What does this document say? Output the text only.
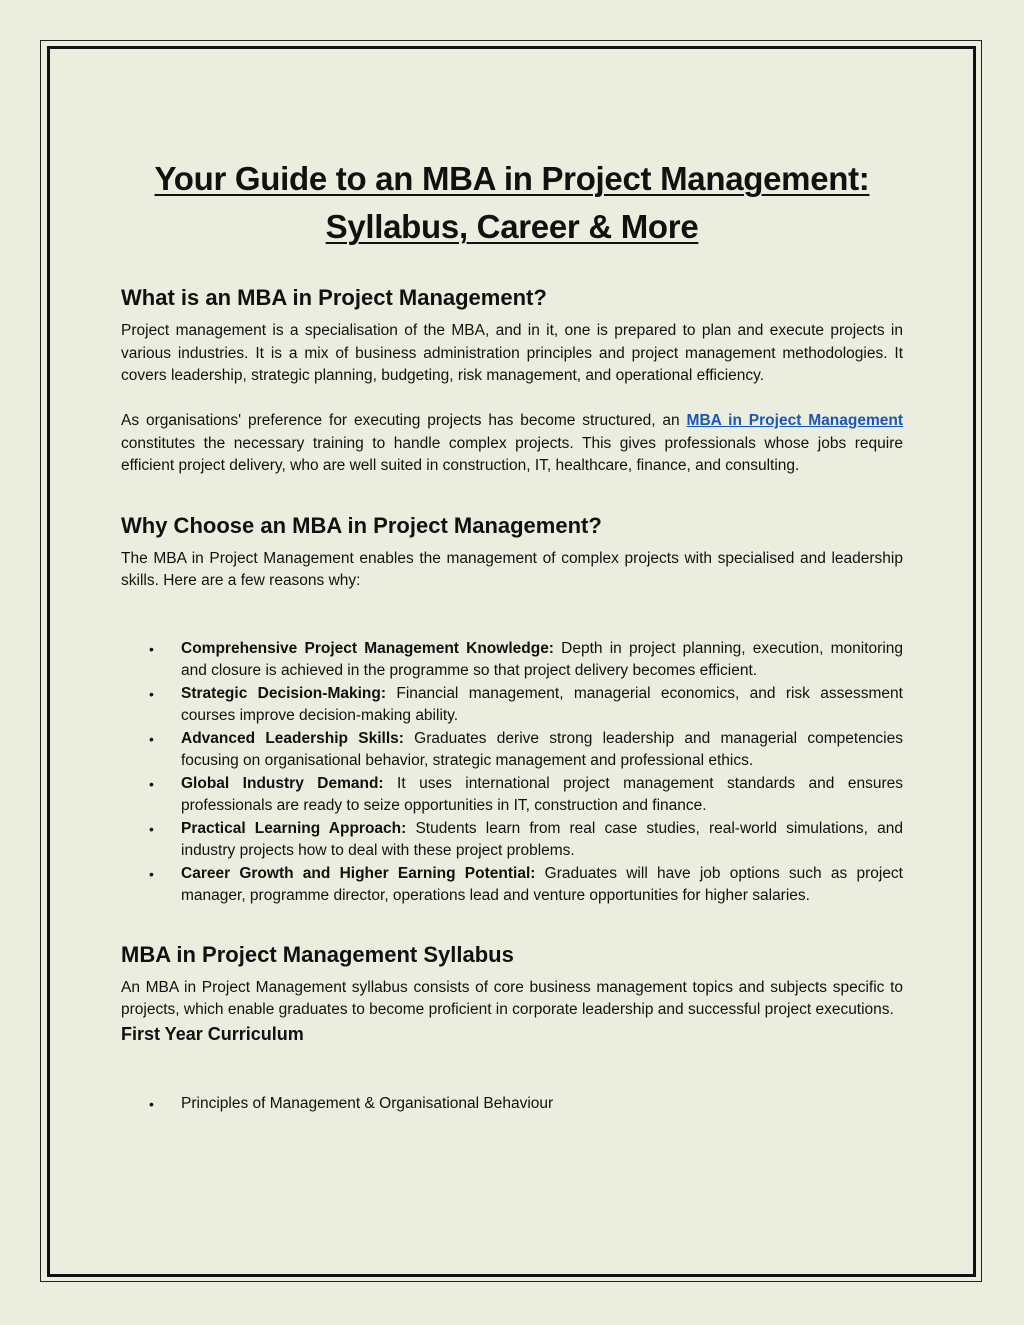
Your Guide to an MBA in Project Management:
Syllabus, Career & More
What is an MBA in Project Management?

Project management is a specialisation of the MBA, and in it, one is prepared to plan and execute projects in various industries. It is a mix of business administration principles and project management methodologies. It covers leadership, strategic planning, budgeting, risk management, and operational efficiency.

As organisations' preference for executing projects has become structured, an MBA in Project Management constitutes the necessary training to handle complex projects. This gives professionals whose jobs require efficient project delivery, who are well suited in construction, IT, healthcare, finance, and consulting.

Why Choose an MBA in Project Management?

The MBA in Project Management enables the management of complex projects with specialised and leadership skills. Here are a few reasons why:

• Comprehensive Project Management Knowledge: Depth in project planning, execution, monitoring and closure is achieved in the programme so that project delivery becomes efficient.
• Strategic Decision-Making: Financial management, managerial economics, and risk assessment courses improve decision-making ability.
• Advanced Leadership Skills: Graduates derive strong leadership and managerial competencies focusing on organisational behavior, strategic management and professional ethics.
• Global Industry Demand: It uses international project management standards and ensures professionals are ready to seize opportunities in IT, construction and finance.
• Practical Learning Approach: Students learn from real case studies, real-world simulations, and industry projects how to deal with these project problems.
• Career Growth and Higher Earning Potential: Graduates will have job options such as project manager, programme director, operations lead and venture opportunities for higher salaries.
MBA in Project Management Syllabus

An MBA in Project Management syllabus consists of core business management topics and subjects specific to projects, which enable graduates to become proficient in corporate leadership and successful project executions.

First Year Curriculum
• Principles of Management & Organisational Behaviour
